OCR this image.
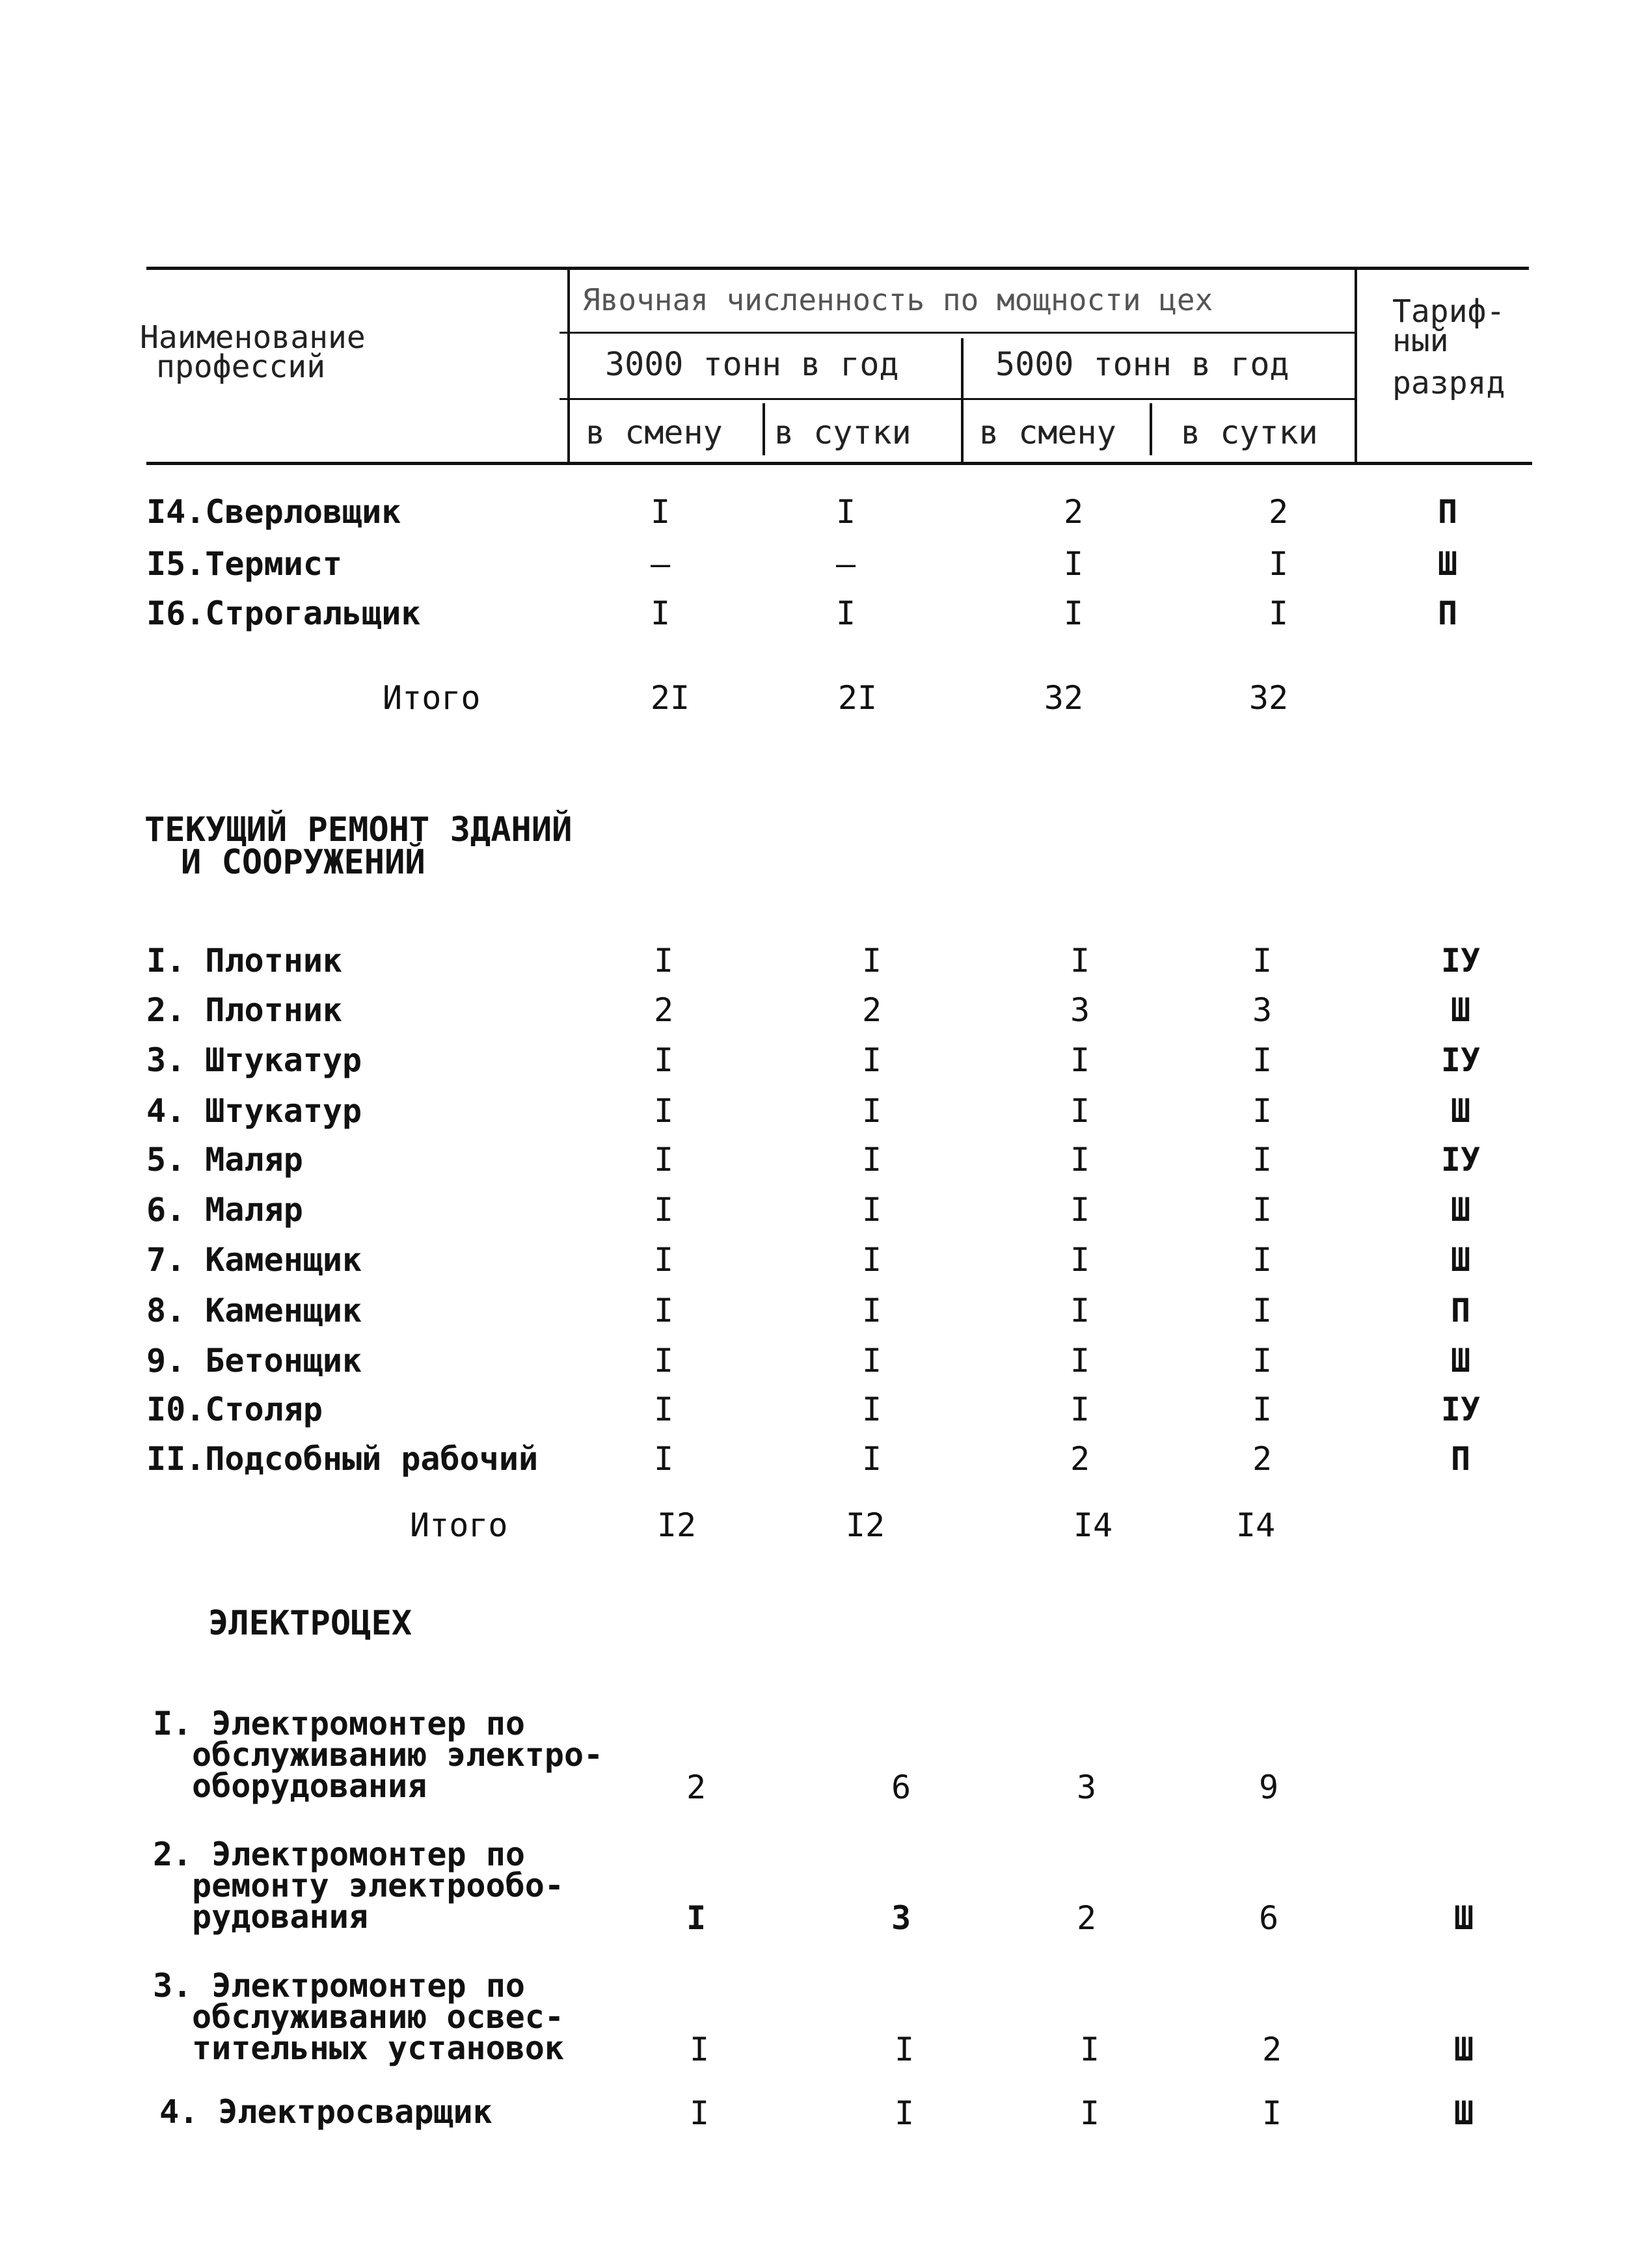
Наименование
профессий
Явочная численность по мощности цех
3000 тонн в год	5000 тонн в год
в смену в сутки в смену в сутки
Тариф-
ный
разряд
I4.Сверловщик	I	I	2	2	П
I5.Термист	–	–	I	I	Ш
I6.Строгальщик	I	I	I	I	П
Итого	2I	2I	32	32
ТЕКУЩИЙ РЕМОНТ ЗДАНИЙ
И СООРУЖЕНИЙ
I. Плотник	I	I	I	I	IУ
2. Плотник	2	2	3	3	Ш
3. Штукатур	I	I	I	I	IУ
4. Штукатур	I	I	I	I	Ш
5. Маляр	I	I	I	I	IУ
6. Маляр	I	I	I	I	Ш
7. Каменщик	I	I	I	I	Ш
8. Каменщик	I	I	I	I	П
9. Бетонщик	I	I	I	I	Ш
I0.Столяр	I	I	I	I	IУ
II.Подсобный рабочий	I	I	2	2	П
Итого	I2	I2	I4	I4
ЭЛЕКТРОЦЕХ
I. Электромонтер по
обслуживанию электро-
оборудования	2	6	3	9
2. Электромонтер по
ремонту электрообо-
рудования	I	3	2	6	Ш
3. Электромонтер по
обслуживанию освес-
тительных установок	I	I	I	2	Ш
4. Электросварщик	I	I	I	I	Ш
